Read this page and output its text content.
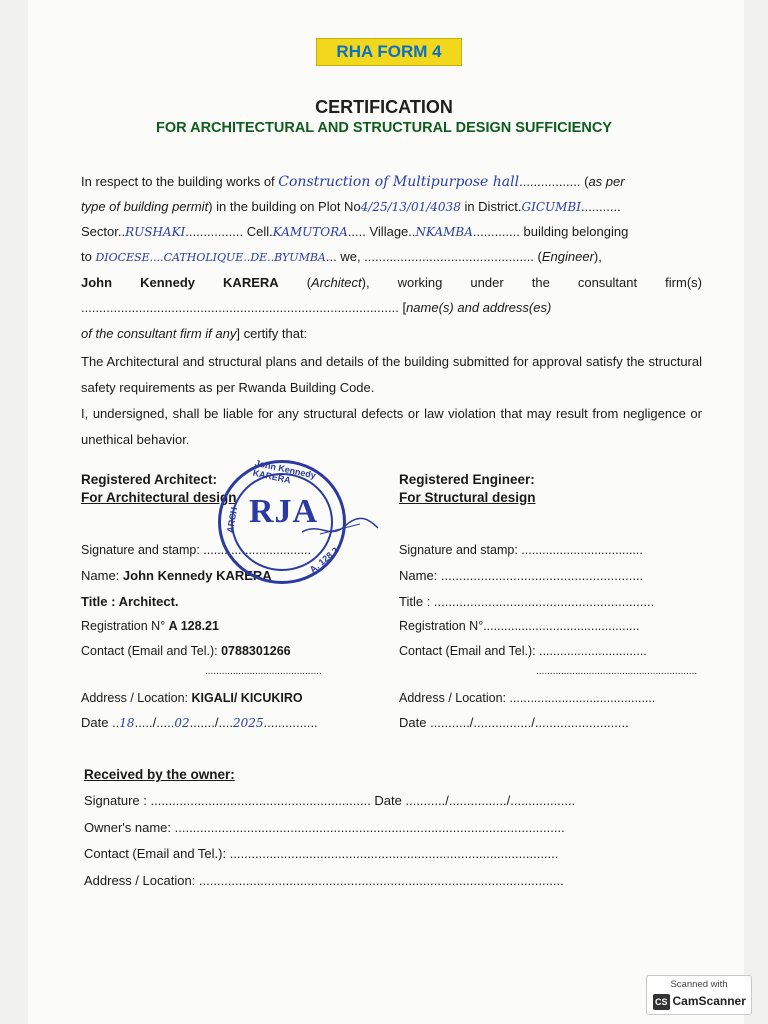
RHA FORM 4
CERTIFICATION
FOR ARCHITECTURAL AND STRUCTURAL DESIGN SUFFICIENCY
In respect to the building works of Construction of Multipurpose hall................. (as per
type of building permit) in the building on Plot No4/25/13/01/4038 in District.GICUMBI...........
Sector..RUSHAKI................ Cell.KAMUTORA..... Village..NKAMBA............. building belonging
to DIOCESE....CATHOLIQUE..DE..BYUMBA... we, ............................................... (Engineer),
John Kennedy KARERA (Architect), working under the consultant firm(s)
........................................................................................ [name(s) and address(es)
of the consultant firm if any] certify that:
The Architectural and structural plans and details of the building submitted for approval satisfy the structural safety requirements as per Rwanda Building Code.
I, undersigned, shall be liable for any structural defects or law violation that may result from negligence or unethical behavior.
Registered Architect:
For Architectural design
Signature and stamp: ...............................
Name: John Kennedy KARERA
Title : Architect.
Registration N° A 128.21
Contact (Email and Tel.): 0788301266
..........................................
Address / Location: KIGALI/ KICUKIRO
Date ..18...../.....02......./....2025...............
John Kennedy KARERA
ARCH
A. 128.2
RJA
Registered Engineer:
For Structural design
Signature and stamp: ...................................
Name: ........................................................
Title : .............................................................
Registration N°.............................................
Contact (Email and Tel.): ...............................
..........................................................
Address / Location: ..........................................
Date .........../................/..........................
Received by the owner:
Signature : ............................................................. Date .........../................/..................
Owner's name: ............................................................................................................
Contact (Email and Tel.): ...........................................................................................
Address / Location: .....................................................................................................
Scanned with
CS CamScanner
